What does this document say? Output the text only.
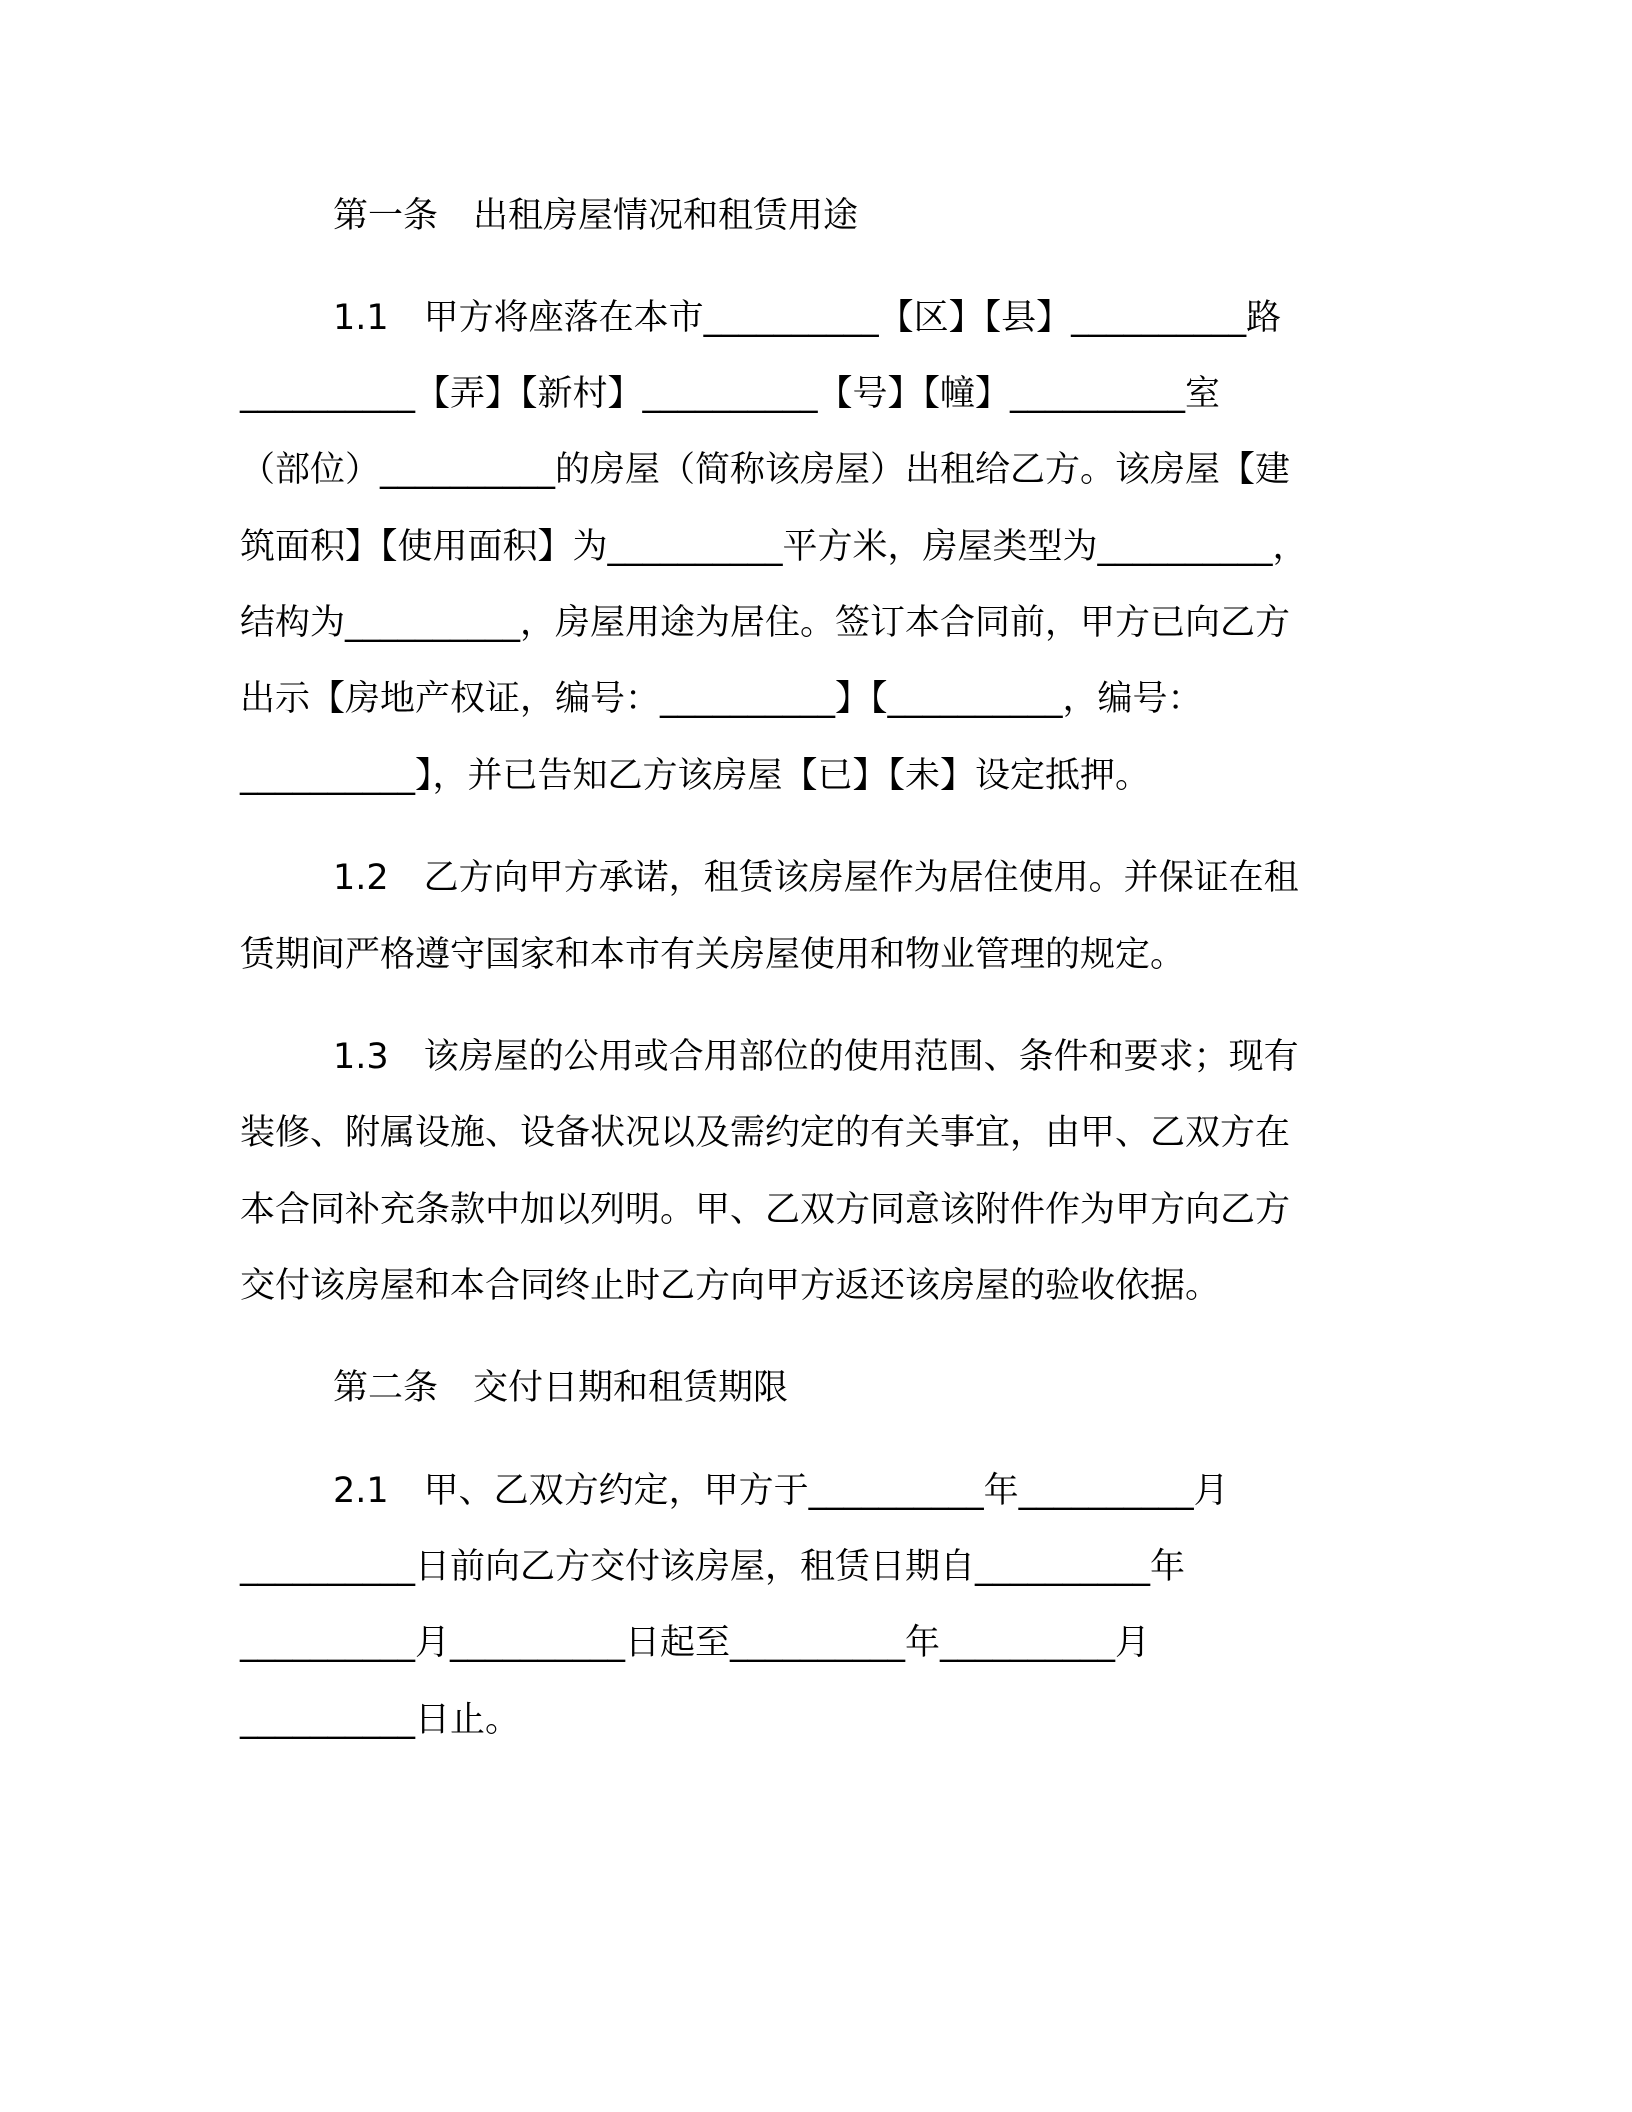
第一条　出租房屋情况和租赁用途

1.1　甲方将座落在本市__________【区】【县】__________路

__________【弄】【新村】__________【号】【幢】__________室

（部位）__________的房屋（简称该房屋）出租给乙方。该房屋【建

筑面积】【使用面积】为__________平方米，房屋类型为__________，

结构为__________，房屋用途为居住。签订本合同前，甲方已向乙方

出示【房地产权证，编号：__________】【__________，编号：

__________】，并已告知乙方该房屋【已】【未】设定抵押。

1.2　乙方向甲方承诺，租赁该房屋作为居住使用。并保证在租

赁期间严格遵守国家和本市有关房屋使用和物业管理的规定。

1.3　该房屋的公用或合用部位的使用范围、条件和要求；现有

装修、附属设施、设备状况以及需约定的有关事宜，由甲、乙双方在

本合同补充条款中加以列明。甲、乙双方同意该附件作为甲方向乙方

交付该房屋和本合同终止时乙方向甲方返还该房屋的验收依据。

第二条　交付日期和租赁期限

2.1　甲、乙双方约定，甲方于__________年__________月

__________日前向乙方交付该房屋，租赁日期自__________年

__________月__________日起至__________年__________月

__________日止。
